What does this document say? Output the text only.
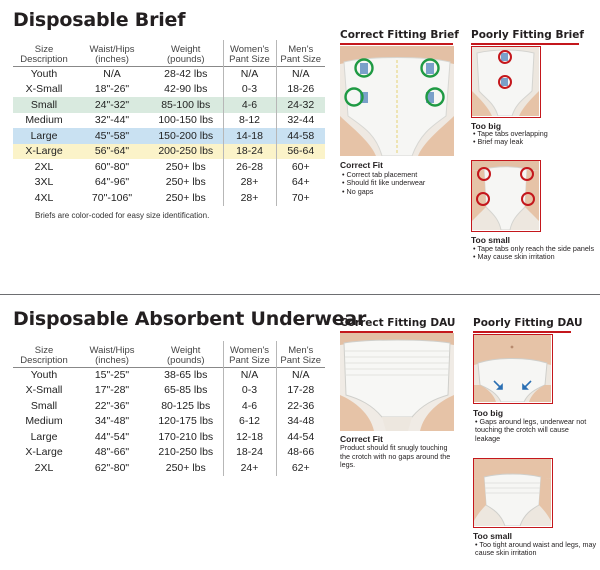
Disposable Brief
Size Description	Waist/Hips (inches)	Weight (pounds)	Women's Pant Size	Men's Pant Size
Youth	N/A	28-42 lbs	N/A	N/A
X-Small	18"-26"	42-90 lbs	0-3	18-26
Small	24"-32"	85-100 lbs	4-6	24-32
Medium	32"-44"	100-150 lbs	8-12	32-44
Large	45"-58"	150-200 lbs	14-18	44-58
X-Large	56"-64"	200-250 lbs	18-24	56-64
2XL	60"-80"	250+ lbs	26-28	60+
3XL	64"-96"	250+ lbs	28+	64+
4XL	70"-106"	250+ lbs	28+	70+
Briefs are color-coded for easy size identification.
Correct Fitting Brief
Correct Fit
• Correct tab placement
• Should fit like underwear
• No gaps
Poorly Fitting Brief
Too big
• Tape tabs overlapping
• Brief may leak
Too small
• Tape tabs only reach the side panels
• May cause skin irritation
Disposable Absorbent Underwear
Size Description	Waist/Hips (inches)	Weight (pounds)	Women's Pant Size	Men's Pant Size
Youth	15"-25"	38-65 lbs	N/A	N/A
X-Small	17"-28"	65-85 lbs	0-3	17-28
Small	22"-36"	80-125 lbs	4-6	22-36
Medium	34"-48"	120-175 lbs	6-12	34-48
Large	44"-54"	170-210 lbs	12-18	44-54
X-Large	48"-66"	210-250 lbs	18-24	48-66
2XL	62"-80"	250+ lbs	24+	62+
Correct Fitting DAU
Correct Fit
Product should fit snugly touching the crotch with no gaps around the legs.
Poorly Fitting DAU
Too big
• Gaps around legs, underwear not touching the crotch will cause leakage
Too small
• Too tight around waist and legs, may cause skin irritation
